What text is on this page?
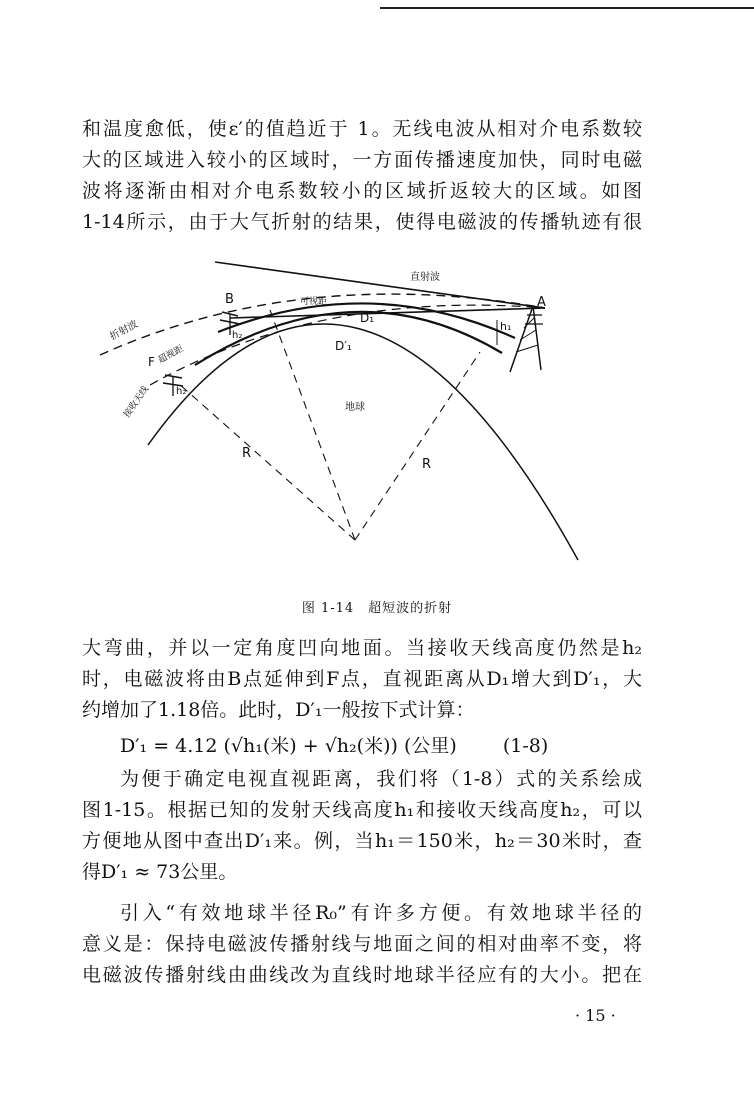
和温度愈低，使ε′的值趋近于 1。无线电波从相对介电系数较
大的区域进入较小的区域时，一方面传播速度加快，同时电磁
波将逐渐由相对介电系数较小的区域折返较大的区域。如图
1-14所示，由于大气折射的结果，使得电磁波的传播轨迹有很

直射波
折射波
B	A
可视距
D₁
D′₁
h₁
h₂
F 超视距
接收天线 h₂
地球
R
R
图 1-14　超短波的折射

大弯曲，并以一定角度凹向地面。当接收天线高度仍然是h₂
时，电磁波将由B点延伸到F点，直视距离从D₁增大到D′₁，大
约增加了1.18倍。此时，D′₁一般按下式计算：

D′₁ = 4.12 (√h₁(米) + √h₂(米)) (公里) (1-8)

为便于确定电视直视距离，我们将（1-8）式的关系绘成
图1-15。根据已知的发射天线高度h₁和接收天线高度h₂，可以
方便地从图中查出D′₁来。例，当h₁＝150米，h₂＝30米时，查
得D′₁ ≈ 73公里。

引入“有效地球半径R₀”有许多方便。有效地球半径的
意义是：保持电磁波传播射线与地面之间的相对曲率不变，将
电磁波传播射线由曲线改为直线时地球半径应有的大小。把在

· 15 ·
